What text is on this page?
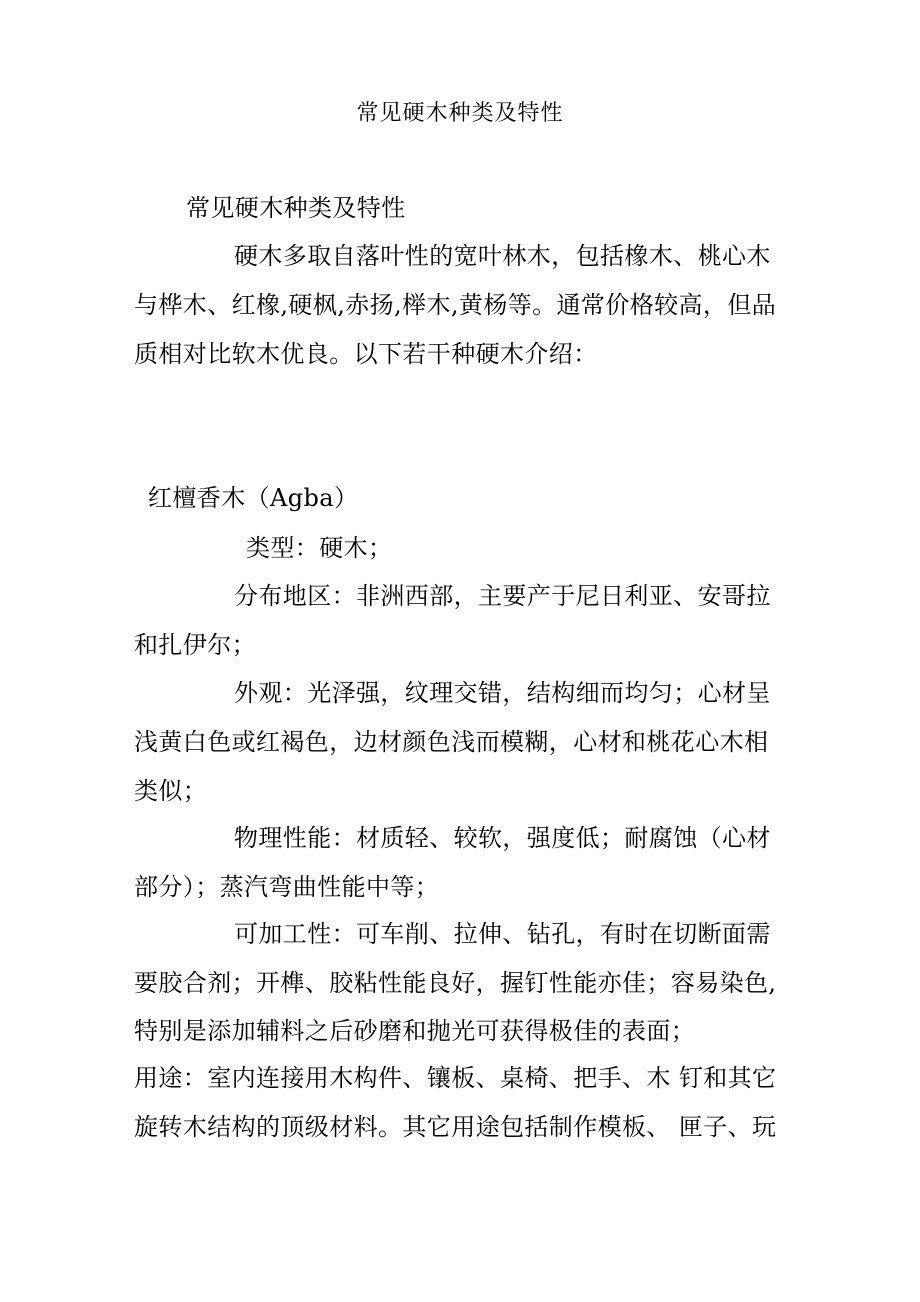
常见硬木种类及特性
常见硬木种类及特性
硬木多取自落叶性的宽叶林木，包括橡木、桃心木
与桦木、红橡,硬枫,赤扬,榉木,黄杨等。通常价格较高，但品
质相对比软木优良。以下若干种硬木介绍：
红檀香木（Agba）
类型：硬木；
分布地区：非洲西部，主要产于尼日利亚、安哥拉
和扎伊尔；
外观：光泽强，纹理交错，结构细而均匀；心材呈
浅黄白色或红褐色，边材颜色浅而模糊，心材和桃花心木相
类似；
物理性能：材质轻、较软，强度低；耐腐蚀（心材
部分）；蒸汽弯曲性能中等；
可加工性：可车削、拉伸、钻孔，有时在切断面需
要胶合剂；开榫、胶粘性能良好，握钉性能亦佳；容易染色,
特别是添加辅料之后砂磨和抛光可获得极佳的表面；
用途：室内连接用木构件、镶板、桌椅、把手、木 钉和其它
旋转木结构的顶级材料。其它用途包括制作模板、 匣子、玩
